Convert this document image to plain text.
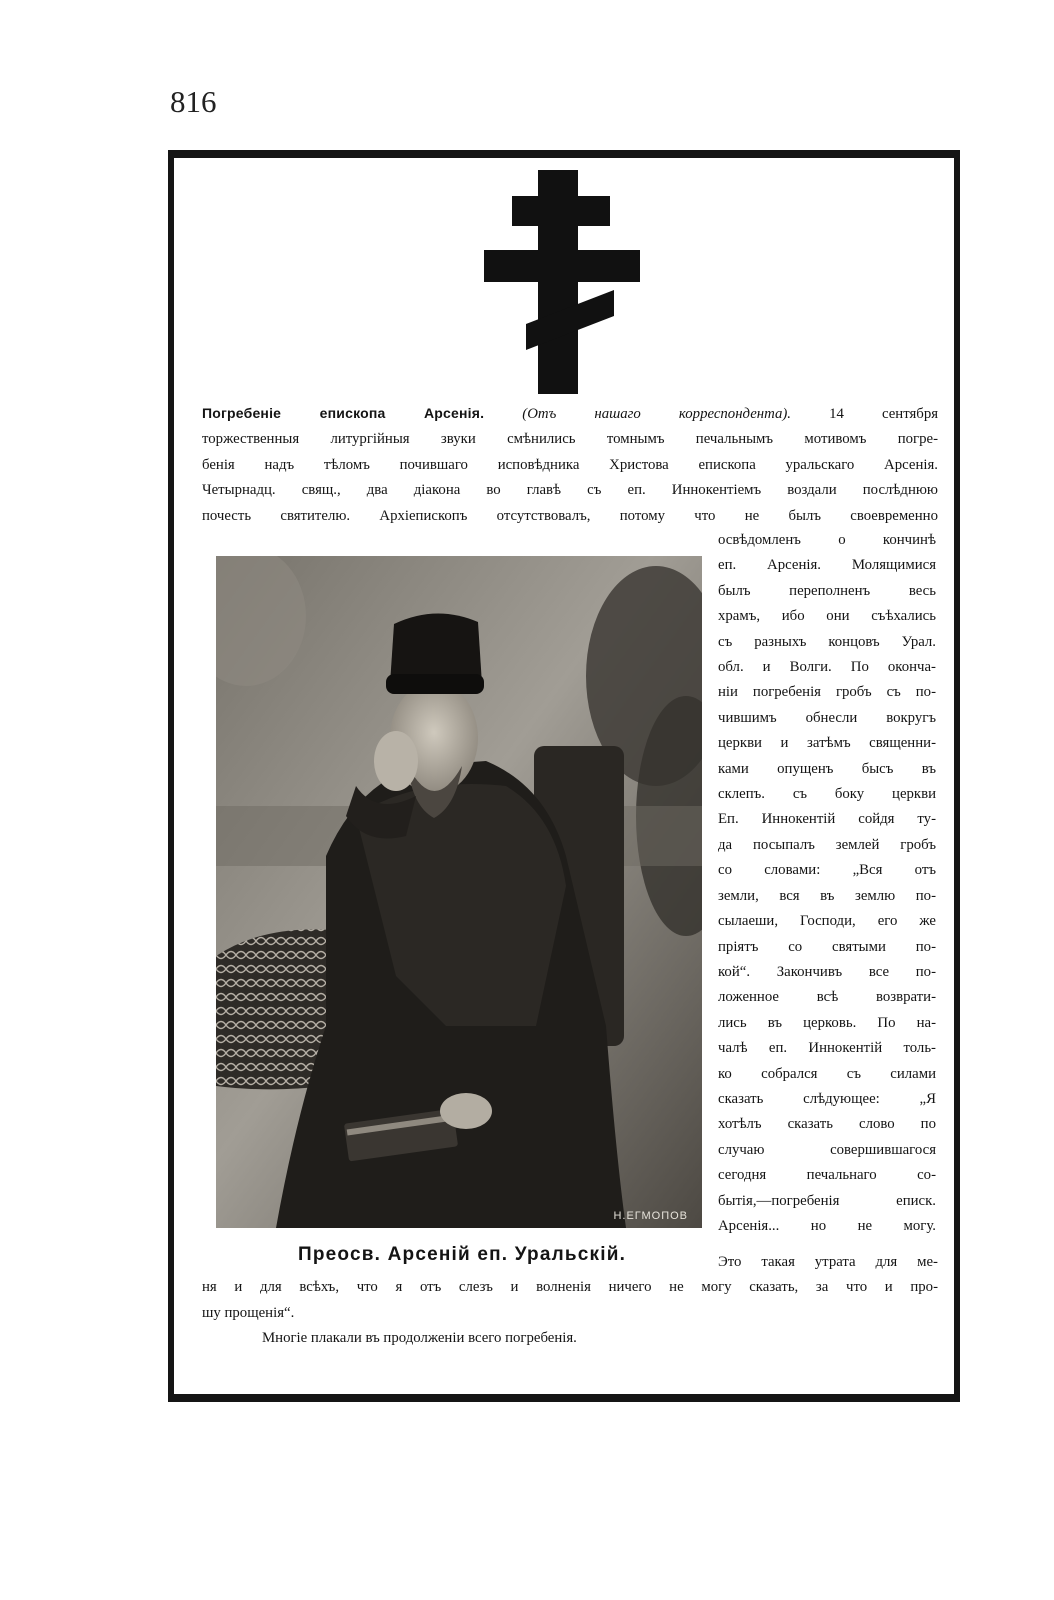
816
Погребеніе епископа Арсенія.	(Отъ нашаго корреспондента).	14 сентября
торжественныя литургійныя звуки смѣнились томнымъ печальнымъ мотивомъ погре-
бенія надъ тѣломъ почившаго исповѣдника Христова епископа уральскаго Арсенія.
Четырнадц. свящ., два діакона во главѣ съ еп. Иннокентіемъ воздали послѣднюю
почесть святителю. Архіепископъ отсутствовалъ, потому что не былъ своевременно
освѣдомленъ о кончинѣ
еп. Арсенія. Молящимися
былъ переполненъ весь
храмъ, ибо они съѣхались
съ разныхъ концовъ Урал.
обл. и Волги. По оконча-
ніи погребенія гробъ съ по-
чившимъ обнесли вокругъ
церкви и затѣмъ священни-
ками опущенъ бысъ въ
склепъ. съ боку церкви
Еп. Иннокентій сойдя ту-
да посыпалъ землей гробъ
со словами: „Вся отъ
земли, вся въ землю по-
сылаеши, Господи, его же
пріятъ со святыми по-
кой“. Закончивъ все по-
ложенное всѣ возврати-
лись въ церковь. По на-
чалѣ еп. Иннокентій толь-
ко собрался съ силами
сказать слѣдующее: „Я
хотѣлъ сказать слово по
случаю совершившагося
сегодня печальнаго со-
бытія,—погребенія епиcк.
Арсенія... но не могу.
Н.ЕГМОПОВ
Преосв. Арсеній еп. Уральскій.	Это такая утрата для ме-
ня и для всѣхъ, что я отъ слезъ и волненія ничего не могу сказать, за что и про-
шу прощенія“.
Многіе плакали въ продолженіи всего погребенія.
